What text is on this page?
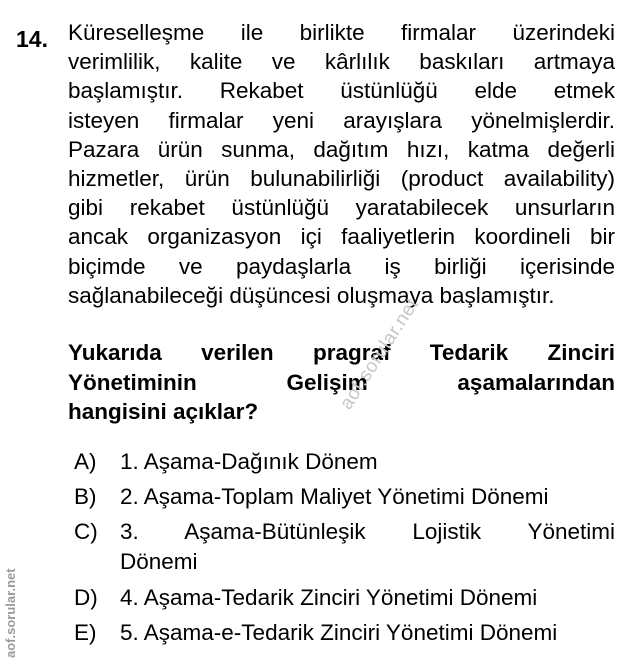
14. Küreselleşme ile birlikte firmalar üzerindeki
verimlilik, kalite ve kârlılık baskıları artmaya
başlamıştır. Rekabet üstünlüğü elde etmek
isteyen firmalar yeni arayışlara yönelmişlerdir.
Pazara ürün sunma, dağıtım hızı, katma değerli
hizmetler, ürün bulunabilirliği (product availability)
gibi rekabet üstünlüğü yaratabilecek unsurların
ancak organizasyon içi faaliyetlerin koordineli bir
biçimde ve paydaşlarla iş birliği içerisinde
sağlanabileceği düşüncesi oluşmaya başlamıştır.
Yukarıda verilen pragraf Tedarik Zinciri
Yönetiminin Gelişim aşamalarından
hangisini açıklar?
A)	1. Aşama-Dağınık Dönem
B)	2. Aşama-Toplam Maliyet Yönetimi Dönemi
C) 3. Aşama-Bütünleşik Lojistik Yönetimi
Dönemi
D) 4. Aşama-Tedarik Zinciri Yönetimi Dönemi
E)	5. Aşama-e-Tedarik Zinciri Yönetimi Dönemi
aof.sorular.net
aof.sorular.net
